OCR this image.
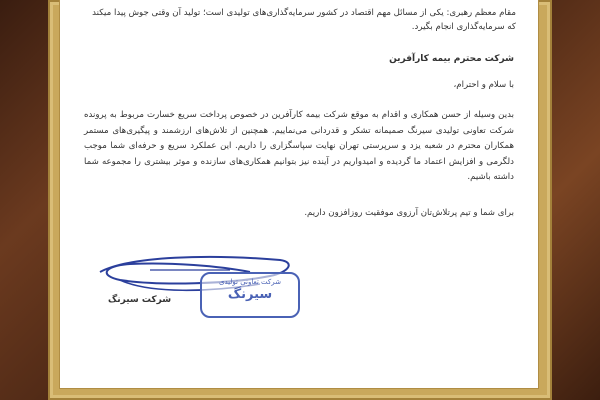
مقام معظم رهبری: یکی از مسائل مهم اقتصاد در کشور سرمایه‌گذاری‌های تولیدی است؛ تولید آن وقتی جوش پیدا میکند که سرمایه‌گذاری انجام بگیرد.
شرکت محترم بیمه کارآفرین
با سلام و احترام،
بدین وسیله از حسن همکاری و اقدام به موقع شرکت بیمه کارآفرین در خصوص پرداخت سریع خسارت مربوط به پرونده شرکت تعاونی تولیدی سیرنگ صمیمانه تشکر و قدردانی می‌نماییم. همچنین از تلاش‌های ارزشمند و پیگیری‌های مستمر همکاران محترم در شعبه یزد و سرپرستی تهران نهایت سپاسگزاری را داریم. این عملکرد سریع و حرفه‌ای شما موجب دلگرمی و افزایش اعتماد ما گردیده و امیدواریم در آینده نیز بتوانیم همکاری‌های سازنده و موثر بیشتری را مجموعه شما داشته باشیم.
برای شما و تیم پرتلاش‌تان آرزوی موفقیت روزافزون داریم.
شرکت تعاونی تولیدی
سیرنگ
شرکت سیرنگ
